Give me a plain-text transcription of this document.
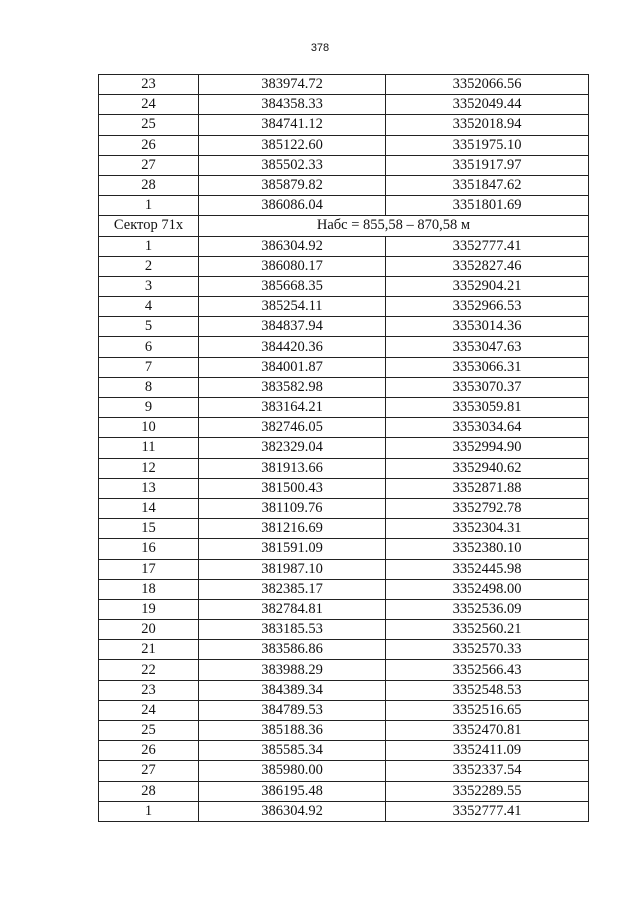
378
23	383974.72	3352066.56
24	384358.33	3352049.44
25	384741.12	3352018.94
26	385122.60	3351975.10
27	385502.33	3351917.97
28	385879.82	3351847.62
1	386086.04	3351801.69
Сектор 71х	Набс = 855,58 – 870,58 м	
1	386304.92	3352777.41
2	386080.17	3352827.46
3	385668.35	3352904.21
4	385254.11	3352966.53
5	384837.94	3353014.36
6	384420.36	3353047.63
7	384001.87	3353066.31
8	383582.98	3353070.37
9	383164.21	3353059.81
10	382746.05	3353034.64
11	382329.04	3352994.90
12	381913.66	3352940.62
13	381500.43	3352871.88
14	381109.76	3352792.78
15	381216.69	3352304.31
16	381591.09	3352380.10
17	381987.10	3352445.98
18	382385.17	3352498.00
19	382784.81	3352536.09
20	383185.53	3352560.21
21	383586.86	3352570.33
22	383988.29	3352566.43
23	384389.34	3352548.53
24	384789.53	3352516.65
25	385188.36	3352470.81
26	385585.34	3352411.09
27	385980.00	3352337.54
28	386195.48	3352289.55
1	386304.92	3352777.41
